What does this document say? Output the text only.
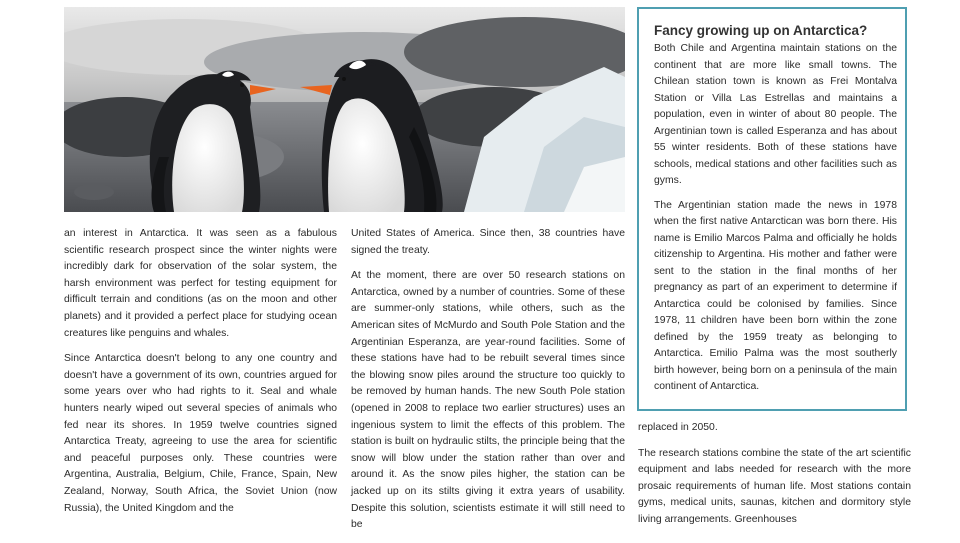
an interest in Antarctica. It was seen as a fabulous scientific research prospect since the winter nights were incredibly dark for observation of the solar system, the harsh environment was perfect for testing equipment for difficult terrain and conditions (as on the moon and other planets) and it provided a perfect place for studying ocean creatures like penguins and whales.

Since Antarctica doesn't belong to any one country and doesn't have a government of its own, countries argued for some years over who had rights to it. Seal and whale hunters nearly wiped out several species of animals who fed near its shores. In 1959 twelve countries signed Antarctica Treaty, agreeing to use the area for scientific and peaceful purposes only. These countries were Argentina, Australia, Belgium, Chile, France, Spain, New Zealand, Norway, South Africa, the Soviet Union (now Russia), the United Kingdom and the

United States of America. Since then, 38 countries have signed the treaty.

At the moment, there are over 50 research stations on Antarctica, owned by a number of countries. Some of these are summer-only stations, while others, such as the American sites of McMurdo and South Pole Station and the Argentinian Esperanza, are year-round facilities. Some of these stations have had to be rebuilt several times since the blowing snow piles around the structure too quickly to be removed by human hands. The new South Pole station (opened in 2008 to replace two earlier structures) uses an ingenious system to limit the effects of this problem. The station is built on hydraulic stilts, the principle being that the snow will blow under the station rather than over and around it. As the snow piles higher, the station can be jacked up on its stilts giving it extra years of usability. Despite this solution, scientists estimate it will still need to be

Fancy growing up on Antarctica?

Both Chile and Argentina maintain stations on the continent that are more like small towns. The Chilean station town is known as Frei Montalva Station or Villa Las Estrellas and maintains a population, even in winter of about 80 people. The Argentinian town is called Esperanza and has about 55 winter residents. Both of these stations have schools, medical stations and other facilities such as gyms.

The Argentinian station made the news in 1978 when the first native Antarctican was born there. His name is Emilio Marcos Palma and officially he holds citizenship to Argentina. His mother and father were sent to the station in the final months of her pregnancy as part of an experiment to determine if Antarctica could be colonised by families. Since 1978, 11 children have been born within the zone defined by the 1959 treaty as belonging to Antarctica. Emilio Palma was the most southerly birth however, being born on a peninsula of the main continent of Antarctica.

replaced in 2050.

The research stations combine the state of the art scientific equipment and labs needed for research with the more prosaic requirements of human life. Most stations contain gyms, medical units, saunas, kitchen and dormitory style living arrangements. Greenhouses
